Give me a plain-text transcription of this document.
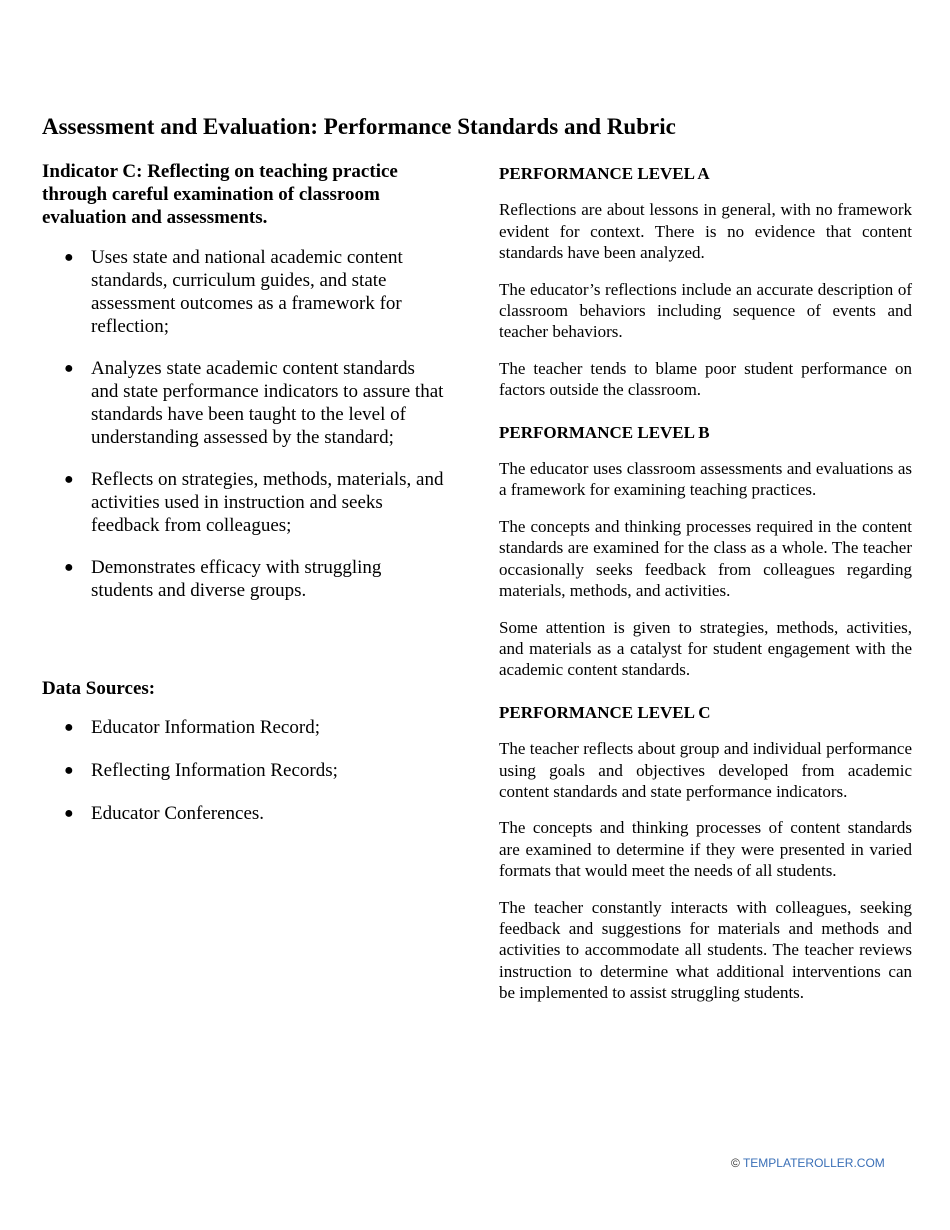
Assessment and Evaluation: Performance Standards and Rubric

Indicator C: Reflecting on teaching practice through careful examination of classroom evaluation and assessments.

● Uses state and national academic content standards, curriculum guides, and state assessment outcomes as a framework for reflection;
● Analyzes state academic content standards and state performance indicators to assure that standards have been taught to the level of understanding assessed by the standard;
● Reflects on strategies, methods, materials, and activities used in instruction and seeks feedback from colleagues;
● Demonstrates efficacy with struggling students and diverse groups.

Data Sources:

● Educator Information Record;
● Reflecting Information Records;
● Educator Conferences.

PERFORMANCE LEVEL A

Reflections are about lessons in general, with no framework evident for context. There is no evidence that content standards have been analyzed.

The educator’s reflections include an accurate description of classroom behaviors including sequence of events and teacher behaviors.

The teacher tends to blame poor student performance on factors outside the classroom.

PERFORMANCE LEVEL B

The educator uses classroom assessments and evaluations as a framework for examining teaching practices.

The concepts and thinking processes required in the content standards are examined for the class as a whole. The teacher occasionally seeks feedback from colleagues regarding materials, methods, and activities.

Some attention is given to strategies, methods, activities, and materials as a catalyst for student engagement with the academic content standards.

PERFORMANCE LEVEL C

The teacher reflects about group and individual performance using goals and objectives developed from academic content standards and state performance indicators.

The concepts and thinking processes of content standards are examined to determine if they were presented in varied formats that would meet the needs of all students.

The teacher constantly interacts with colleagues, seeking feedback and suggestions for materials and methods and activities to accommodate all students. The teacher reviews instruction to determine what additional interventions can be implemented to assist struggling students.

© TEMPLATEROLLER.COM
